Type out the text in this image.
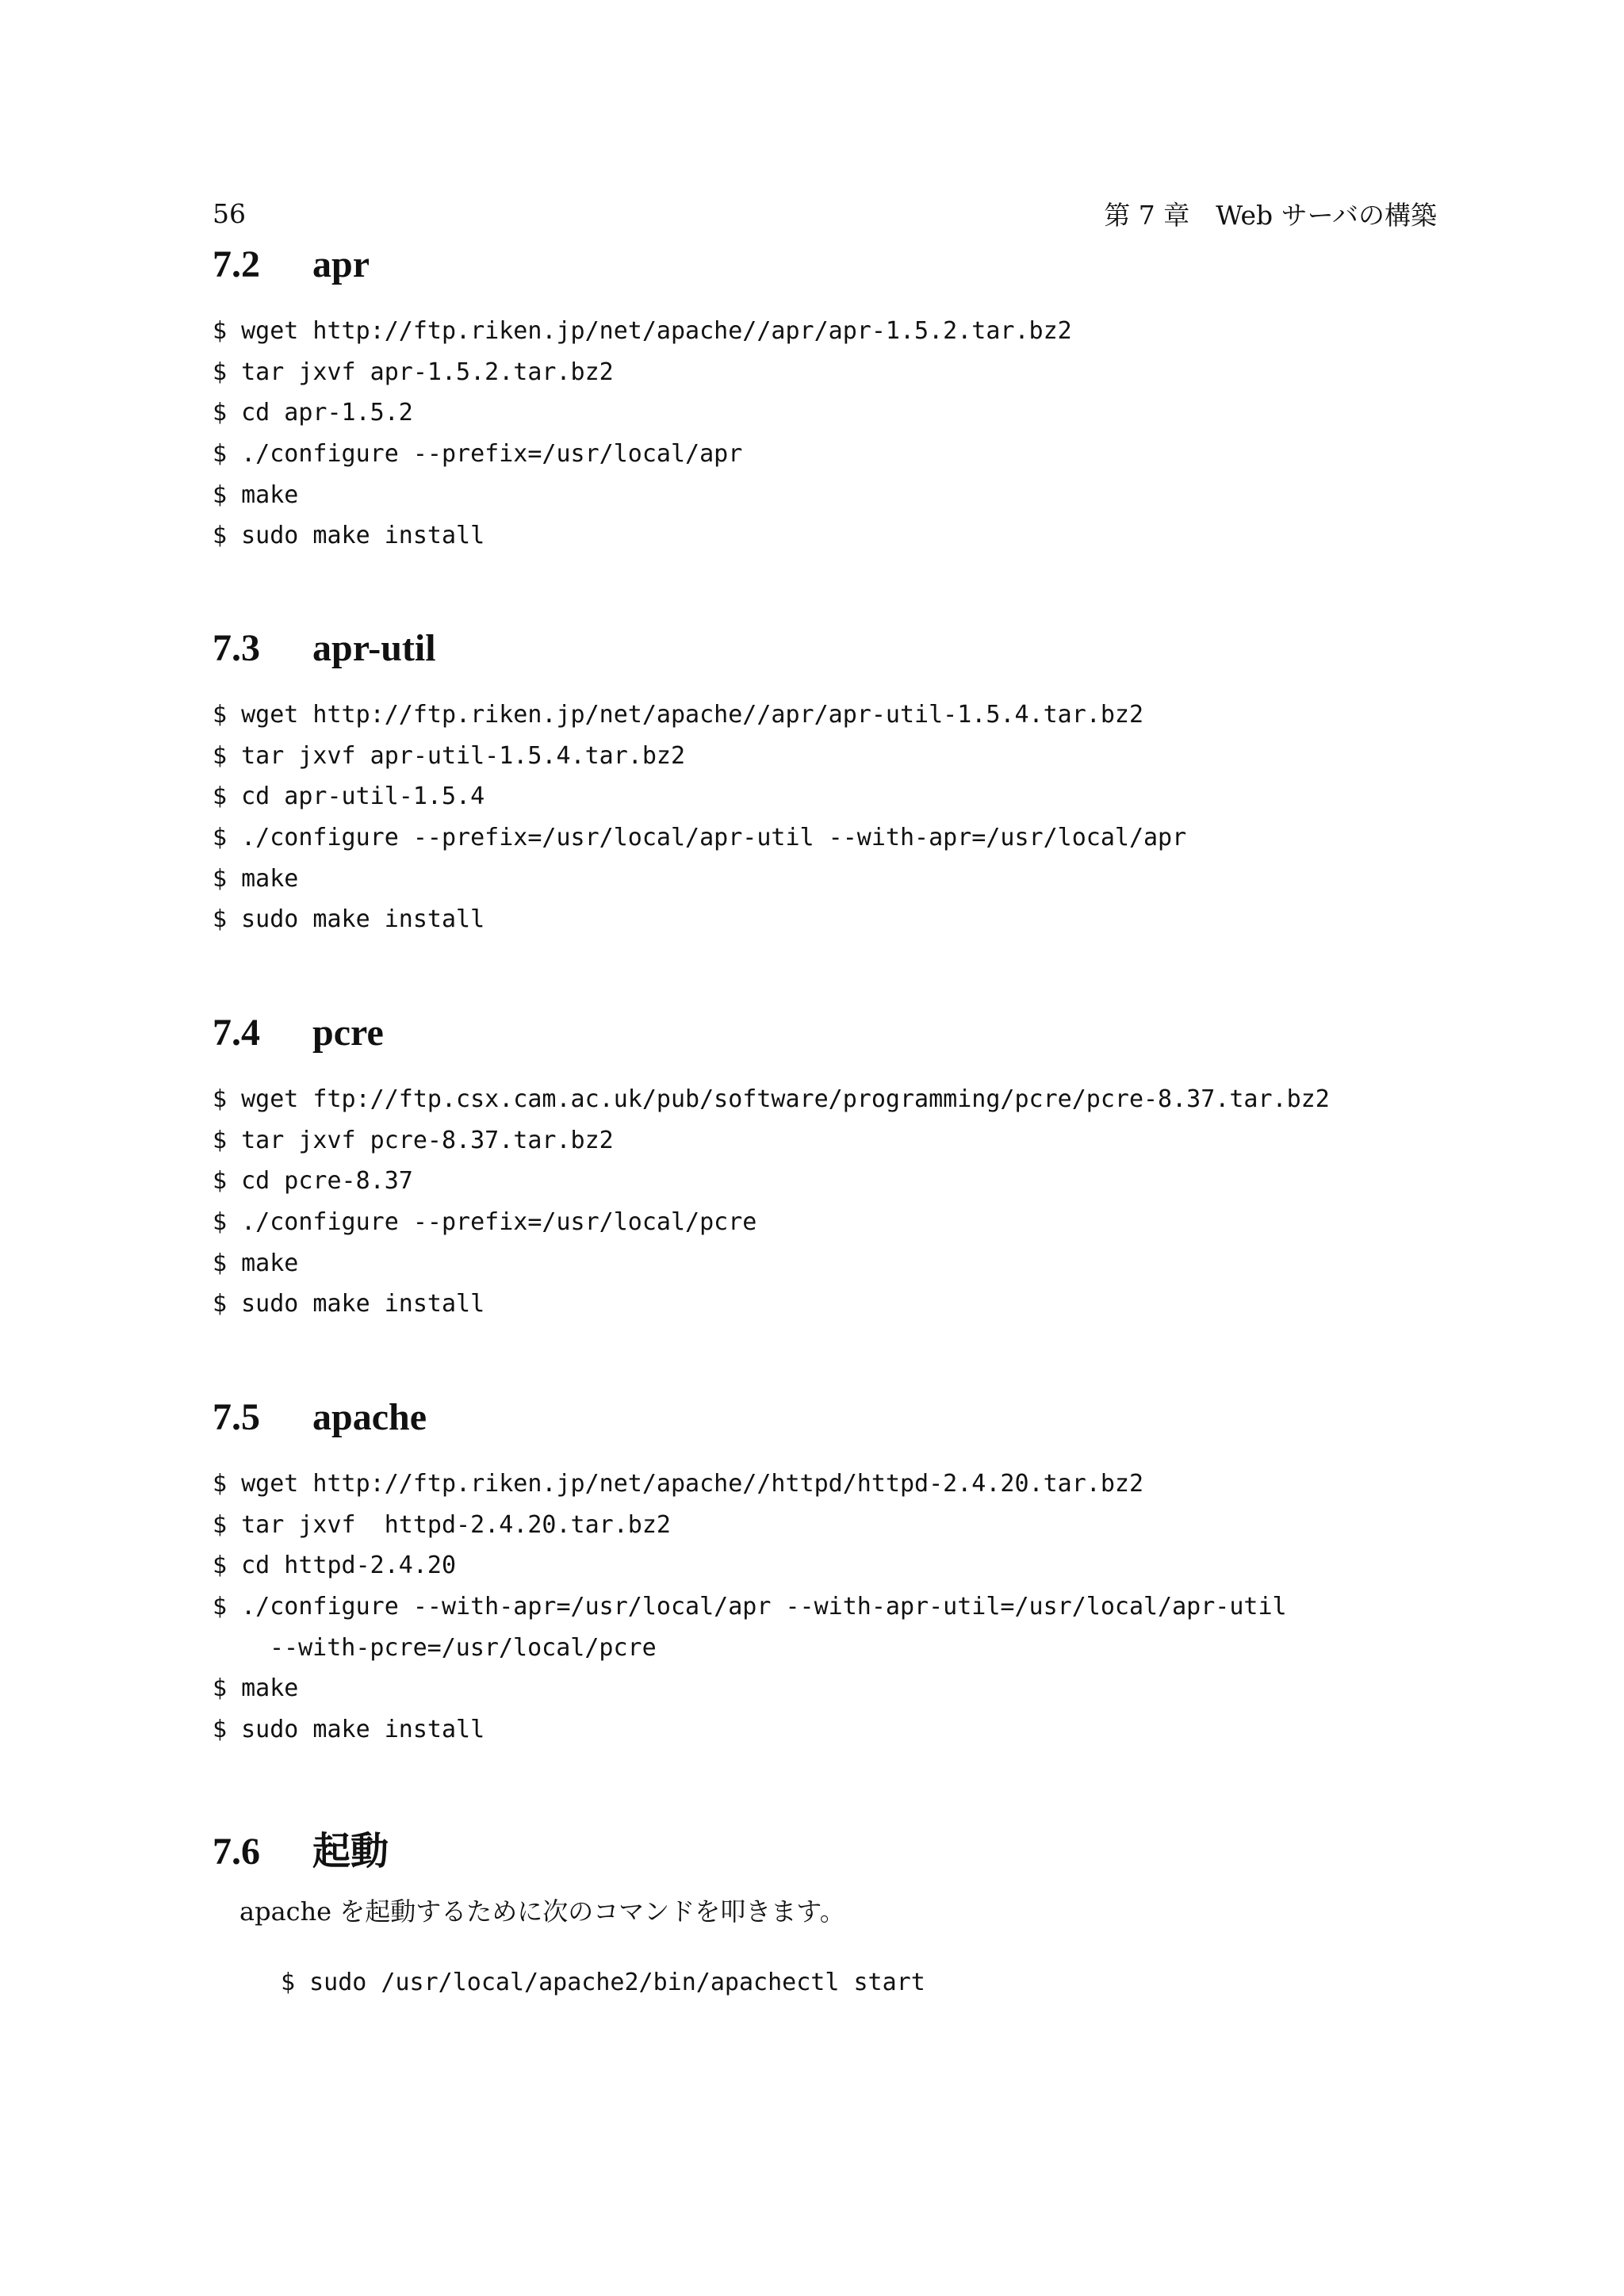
56	第 7 章　Web サーバの構築
7.2	apr
$ wget http://ftp.riken.jp/net/apache//apr/apr-1.5.2.tar.bz2
$ tar jxvf apr-1.5.2.tar.bz2
$ cd apr-1.5.2
$ ./configure --prefix=/usr/local/apr
$ make
$ sudo make install
7.3	apr-util
$ wget http://ftp.riken.jp/net/apache//apr/apr-util-1.5.4.tar.bz2
$ tar jxvf apr-util-1.5.4.tar.bz2
$ cd apr-util-1.5.4
$ ./configure --prefix=/usr/local/apr-util --with-apr=/usr/local/apr
$ make
$ sudo make install
7.4	pcre
$ wget ftp://ftp.csx.cam.ac.uk/pub/software/programming/pcre/pcre-8.37.tar.bz2
$ tar jxvf pcre-8.37.tar.bz2
$ cd pcre-8.37
$ ./configure --prefix=/usr/local/pcre
$ make
$ sudo make install
7.5	apache
$ wget http://ftp.riken.jp/net/apache//httpd/httpd-2.4.20.tar.bz2
$ tar jxvf  httpd-2.4.20.tar.bz2
$ cd httpd-2.4.20
$ ./configure --with-apr=/usr/local/apr --with-apr-util=/usr/local/apr-util
--with-pcre=/usr/local/pcre
$ make
$ sudo make install
7.6	起動
apache を起動するために次のコマンドを叩きます。
$ sudo /usr/local/apache2/bin/apachectl start
